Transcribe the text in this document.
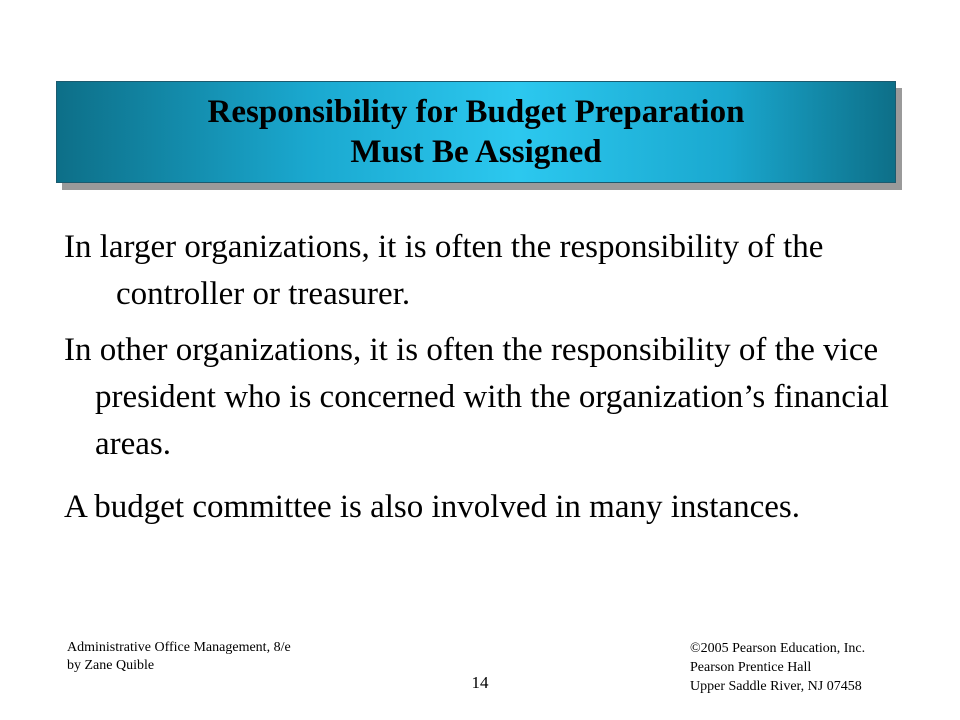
Responsibility for Budget Preparation
Must Be Assigned

In larger organizations, it is often the responsibility of the controller or treasurer.

In other organizations, it is often the responsibility of the vice president who is concerned with the organization’s financial areas.

A budget committee is also involved in many instances.

Administrative Office Management, 8/e
by Zane Quible
14
©2005 Pearson Education, Inc.
Pearson Prentice Hall
Upper Saddle River, NJ 07458
